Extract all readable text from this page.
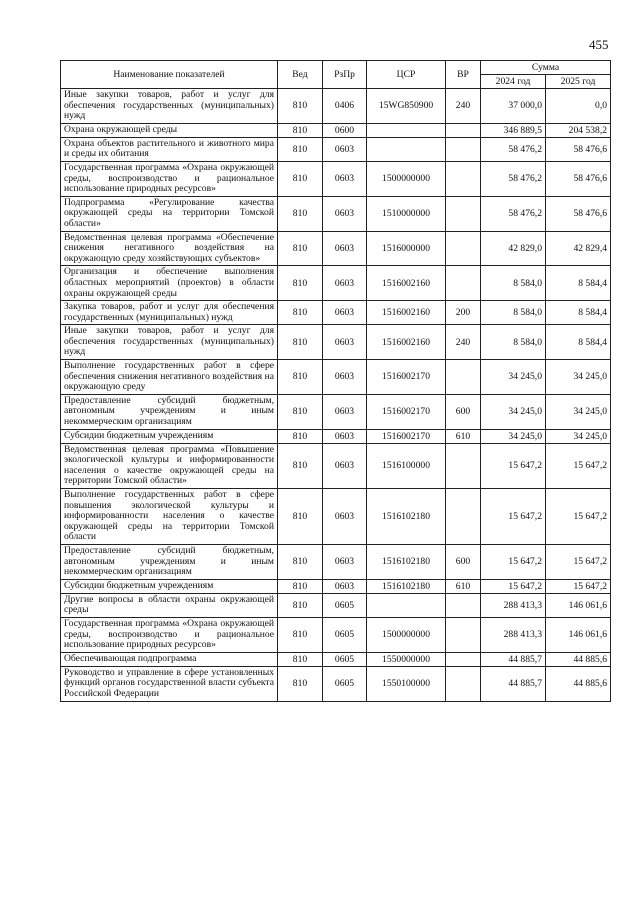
455
Наименование показателей	Вед	РзПр	ЦСР	ВР	Сумма	
					2024 год	2025 год
Иные закупки товаров, работ и услуг для обеспечения государственных (муниципальных) нужд	810	0406	15WG850900	240	37 000,0	0,0
Охрана окружающей среды	810	0600			346 889,5	204 538,2
Охрана объектов растительного и животного мира и среды их обитания	810	0603			58 476,2	58 476,6
Государственная программа «Охрана окружающей среды, воспроизводство и рациональное использование природных ресурсов»	810	0603	1500000000		58 476,2	58 476,6
Подпрограмма «Регулирование качества окружающей среды на территории Томской области»	810	0603	1510000000		58 476,2	58 476,6
Ведомственная целевая программа «Обеспечение снижения негативного воздействия на окружающую среду хозяйствующих субъектов»	810	0603	1516000000		42 829,0	42 829,4
Организация и обеспечение выполнения областных мероприятий (проектов) в области охраны окружающей среды	810	0603	1516002160		8 584,0	8 584,4
Закупка товаров, работ и услуг для обеспечения государственных (муниципальных) нужд	810	0603	1516002160	200	8 584,0	8 584,4
Иные закупки товаров, работ и услуг для обеспечения государственных (муниципальных) нужд	810	0603	1516002160	240	8 584,0	8 584,4
Выполнение государственных работ в сфере обеспечения снижения негативного воздействия на окружающую среду	810	0603	1516002170		34 245,0	34 245,0
Предоставление субсидий бюджетным, автономным учреждениям и иным некоммерческим организациям	810	0603	1516002170	600	34 245,0	34 245,0
Субсидии бюджетным учреждениям	810	0603	1516002170	610	34 245,0	34 245,0
Ведомственная целевая программа «Повышение экологической культуры и информированности населения о качестве окружающей среды на территории Томской области»	810	0603	1516100000		15 647,2	15 647,2
Выполнение государственных работ в сфере повышения экологической культуры и информированности населения о качестве окружающей среды на территории Томской области	810	0603	1516102180		15 647,2	15 647,2
Предоставление субсидий бюджетным, автономным учреждениям и иным некоммерческим организациям	810	0603	1516102180	600	15 647,2	15 647,2
Субсидии бюджетным учреждениям	810	0603	1516102180	610	15 647,2	15 647,2
Другие вопросы в области охраны окружающей среды	810	0605			288 413,3	146 061,6
Государственная программа «Охрана окружающей среды, воспроизводство и рациональное использование природных ресурсов»	810	0605	1500000000		288 413,3	146 061,6
Обеспечивающая подпрограмма	810	0605	1550000000		44 885,7	44 885,6
Руководство и управление в сфере установленных функций органов государственной власти субъекта Российской Федерации	810	0605	1550100000		44 885,7	44 885,6
